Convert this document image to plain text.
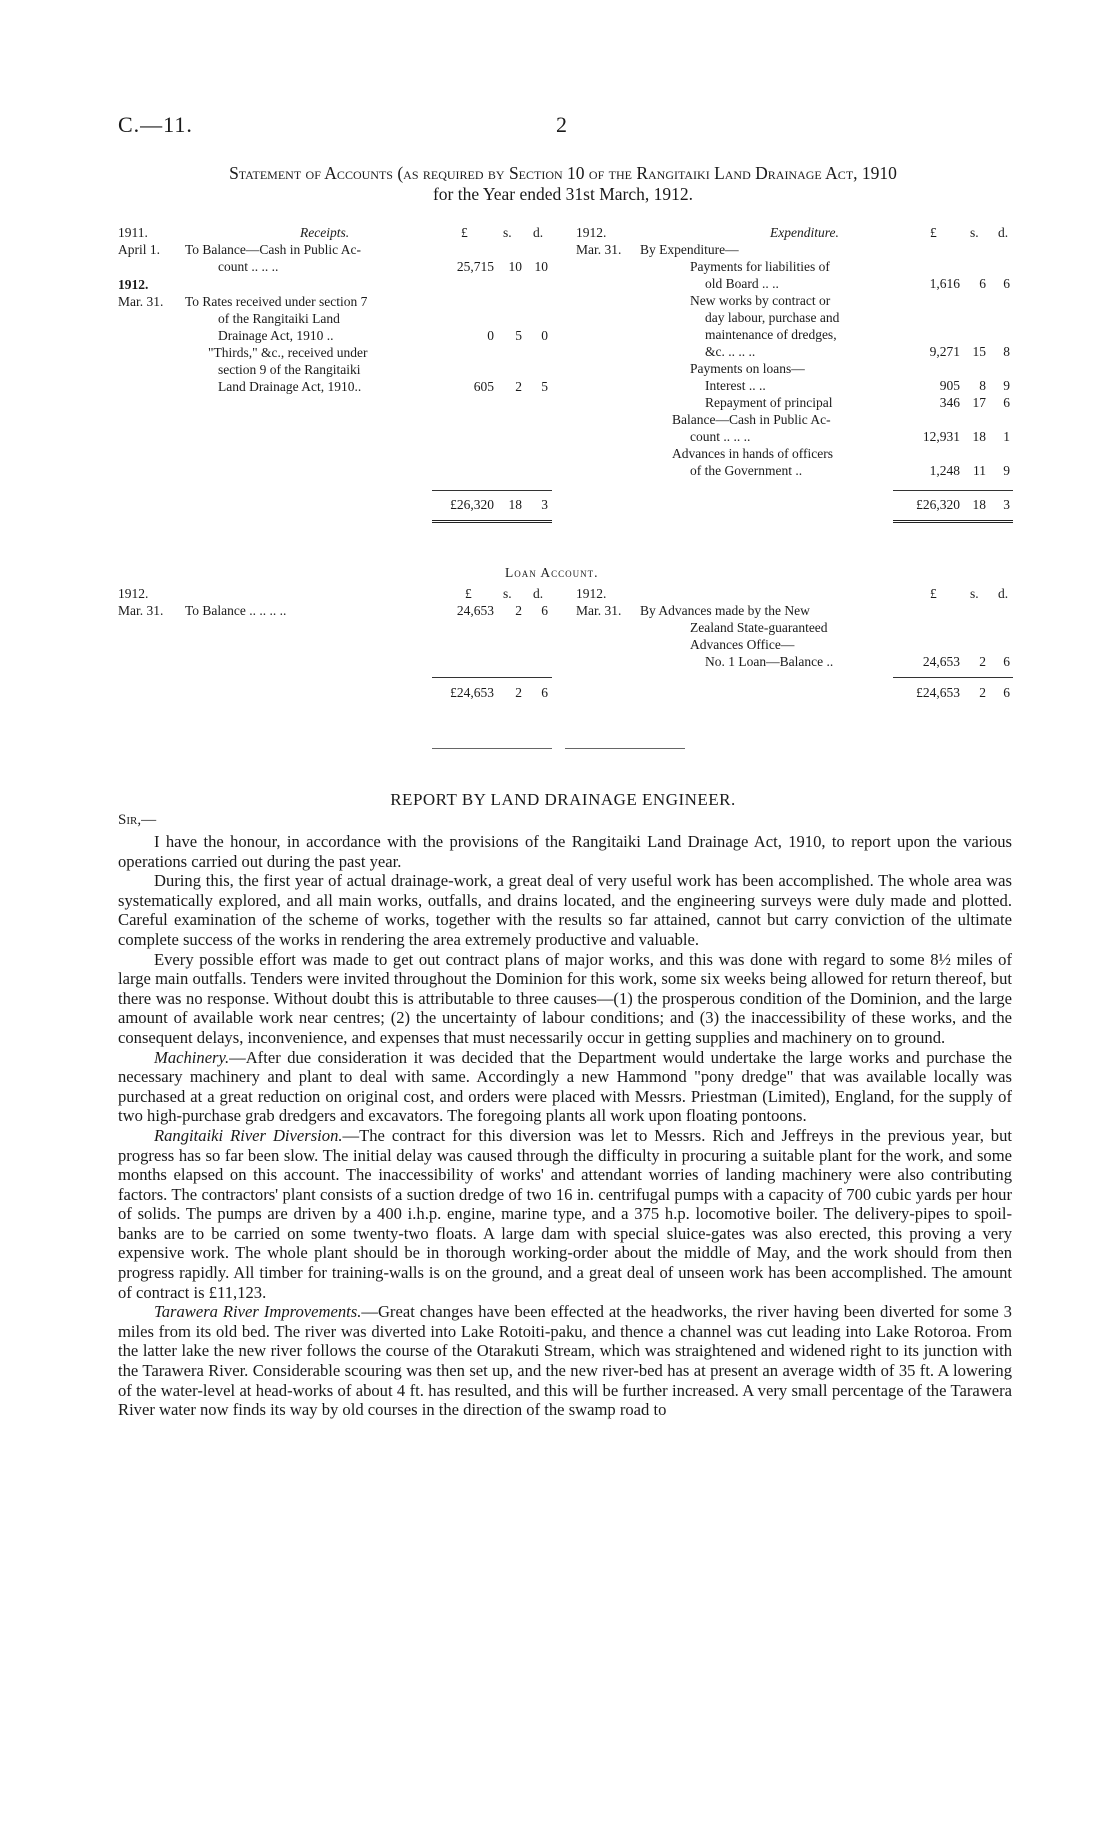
C.—11.	2
Statement of Accounts (as required by Section 10 of the Rangitaiki Land Drainage Act, 1910
for the Year ended 31st March, 1912.
1911.	Receipts.	£	s. d.
April 1. To Balance—Cash in Public Ac-
count .. .. ..	25,715	10 10
1912.
Mar. 31. To Rates received under section 7
of the Rangitaiki Land
Drainage Act, 1910 ..	0	5	0
"Thirds," &c., received under
section 9 of the Rangitaiki
Land Drainage Act, 1910..	605	2	5
£26,320	18	3
1912.	Expenditure.	£ s. d.
Mar. 31. By Expenditure—
Payments for liabilities of
old Board .. ..	1,616	6	6
New works by contract or
day labour, purchase and
maintenance of dredges,
&c. .. .. ..	9,271 15	8
Payments on loans—
Interest .. ..	905	8	9
Repayment of principal	346 17	6
Balance—Cash in Public Ac-
count .. .. ..	12,931 18	1
Advances in hands of officers
of the Government ..	1,248 11	9
£26,320 18	3
Loan Account.
1912.	£ s. d.
Mar. 31. To Balance .. .. .. ..	24,653	2	6
1912.	£ s. d.
Mar. 31. By Advances made by the New
Zealand State-guaranteed
Advances Office—
No. 1 Loan—Balance ..	24,653	2	6
£24,653	2	6	£24,653	2	6
REPORT BY LAND DRAINAGE ENGINEER.
Sir,—

I have the honour, in accordance with the provisions of the Rangitaiki Land Drainage Act, 1910, to report upon the various operations carried out during the past year.

During this, the first year of actual drainage-work, a great deal of very useful work has been accomplished. The whole area was systematically explored, and all main works, outfalls, and drains located, and the engineering surveys were duly made and plotted. Careful examination of the scheme of works, together with the results so far attained, cannot but carry conviction of the ultimate complete success of the works in rendering the area extremely productive and valuable.

Every possible effort was made to get out contract plans of major works, and this was done with regard to some 8½ miles of large main outfalls. Tenders were invited throughout the Dominion for this work, some six weeks being allowed for return thereof, but there was no response. Without doubt this is attributable to three causes—(1) the prosperous condition of the Dominion, and the large amount of available work near centres; (2) the uncertainty of labour conditions; and (3) the inaccessibility of these works, and the consequent delays, inconvenience, and expenses that must necessarily occur in getting supplies and machinery on to ground.

Machinery.—After due consideration it was decided that the Department would undertake the large works and purchase the necessary machinery and plant to deal with same. Accordingly a new Hammond "pony dredge" that was available locally was purchased at a great reduction on original cost, and orders were placed with Messrs. Priestman (Limited), England, for the supply of two high-purchase grab dredgers and excavators. The foregoing plants all work upon floating pontoons.

Rangitaiki River Diversion.—The contract for this diversion was let to Messrs. Rich and Jeffreys in the previous year, but progress has so far been slow. The initial delay was caused through the difficulty in procuring a suitable plant for the work, and some months elapsed on this account. The inaccessibility of works' and attendant worries of landing machinery were also contributing factors. The contractors' plant consists of a suction dredge of two 16 in. centrifugal pumps with a capacity of 700 cubic yards per hour of solids. The pumps are driven by a 400 i.h.p. engine, marine type, and a 375 h.p. locomotive boiler. The delivery-pipes to spoil-banks are to be carried on some twenty-two floats. A large dam with special sluice-gates was also erected, this proving a very expensive work. The whole plant should be in thorough working-order about the middle of May, and the work should from then progress rapidly. All timber for training-walls is on the ground, and a great deal of unseen work has been accomplished. The amount of contract is £11,123.

Tarawera River Improvements.—Great changes have been effected at the headworks, the river having been diverted for some 3 miles from its old bed. The river was diverted into Lake Rotoiti-paku, and thence a channel was cut leading into Lake Rotoroa. From the latter lake the new river follows the course of the Otarakuti Stream, which was straightened and widened right to its junction with the Tarawera River. Considerable scouring was then set up, and the new river-bed has at present an average width of 35 ft. A lowering of the water-level at head-works of about 4 ft. has resulted, and this will be further increased. A very small percentage of the Tarawera River water now finds its way by old courses in the direction of the swamp road to
